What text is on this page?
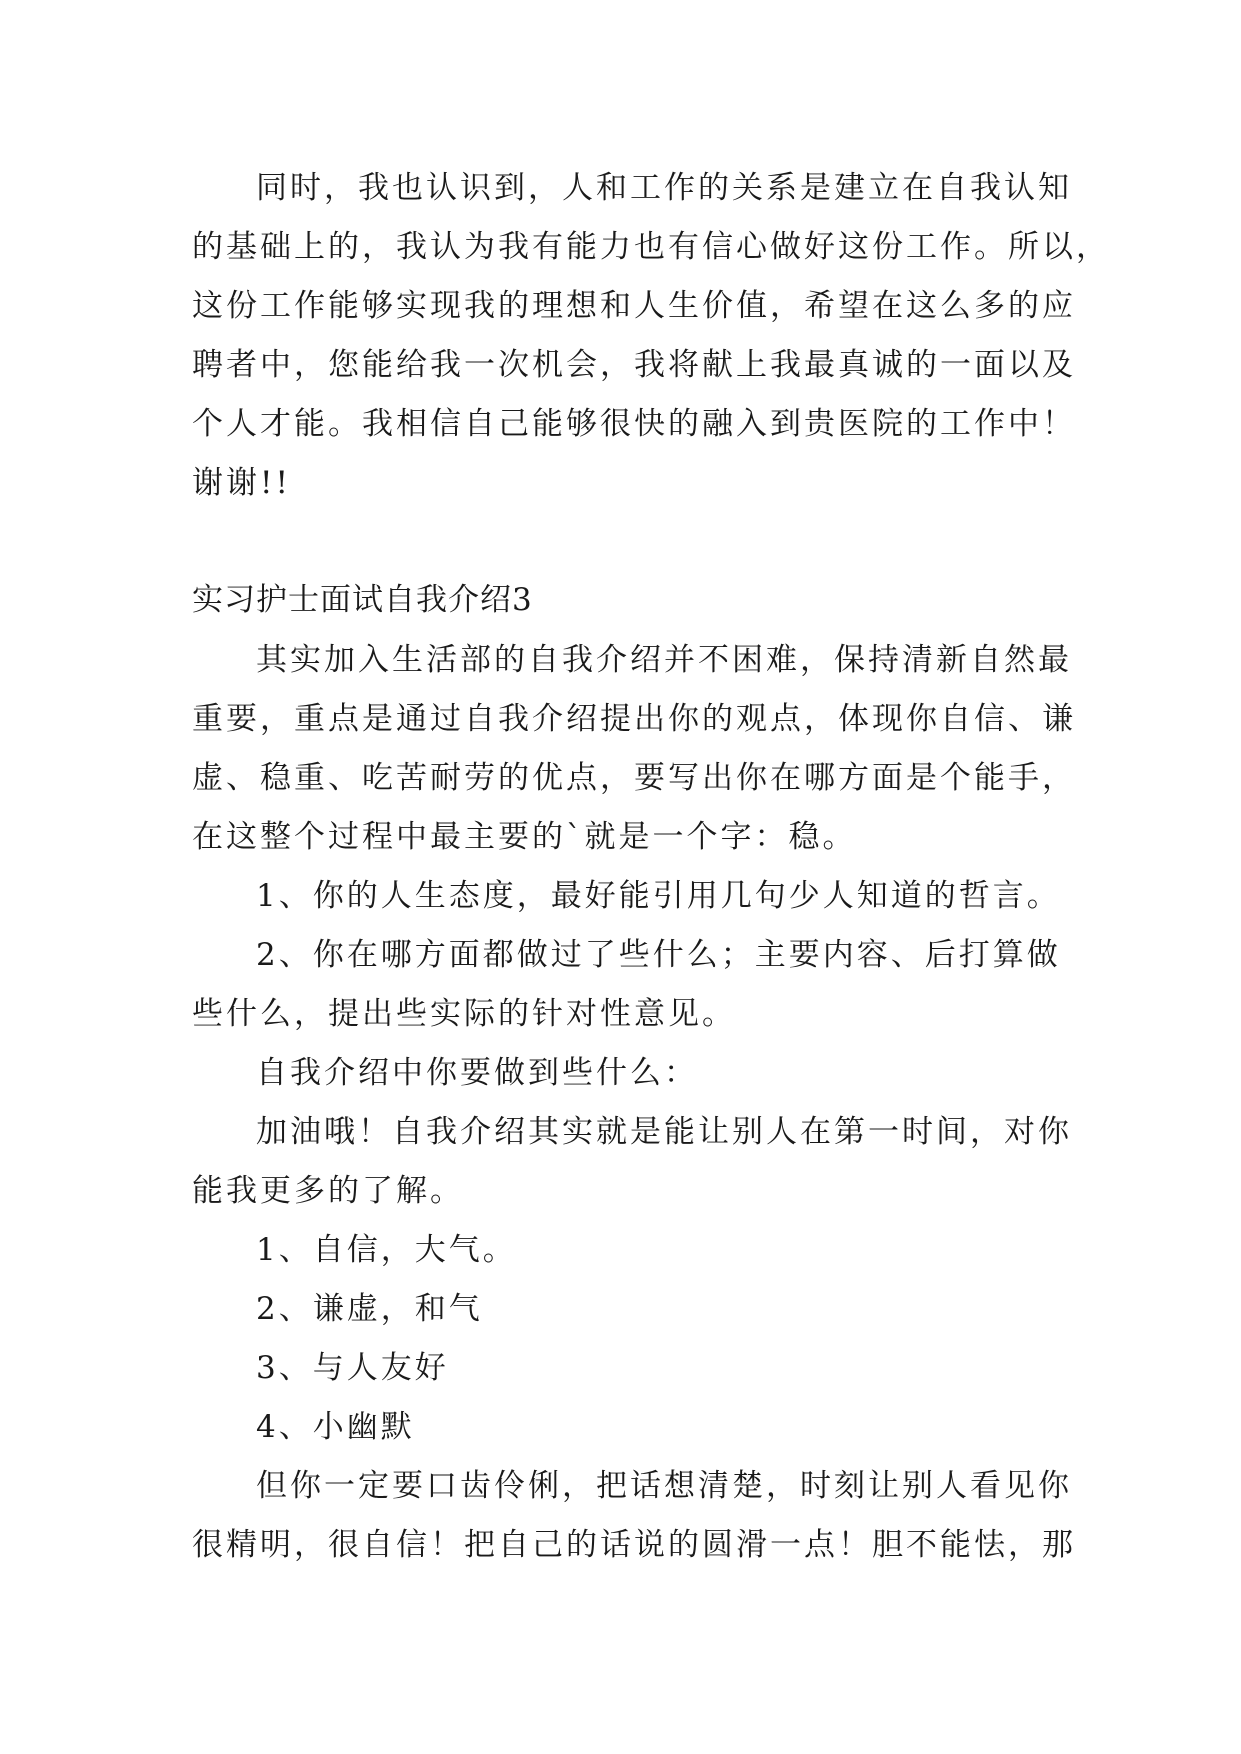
同时，我也认识到，人和工作的关系是建立在自我认知
的基础上的，我认为我有能力也有信心做好这份工作。所以，
这份工作能够实现我的理想和人生价值，希望在这么多的应
聘者中，您能给我一次机会，我将献上我最真诚的一面以及
个人才能。我相信自己能够很快的融入到贵医院的工作中！
谢谢!!
实习护士面试自我介绍3
其实加入生活部的自我介绍并不困难，保持清新自然最
重要，重点是通过自我介绍提出你的观点，体现你自信、谦
虚、稳重、吃苦耐劳的优点，要写出你在哪方面是个能手，
在这整个过程中最主要的`就是一个字：稳。
1、你的人生态度，最好能引用几句少人知道的哲言。
2、你在哪方面都做过了些什么；主要内容、后打算做
些什么，提出些实际的针对性意见。
自我介绍中你要做到些什么：
加油哦！自我介绍其实就是能让别人在第一时间，对你
能我更多的了解。
1、自信，大气。
2、谦虚，和气
3、与人友好
4、小幽默
但你一定要口齿伶俐，把话想清楚，时刻让别人看见你
很精明，很自信！把自己的话说的圆滑一点！胆不能怯，那
